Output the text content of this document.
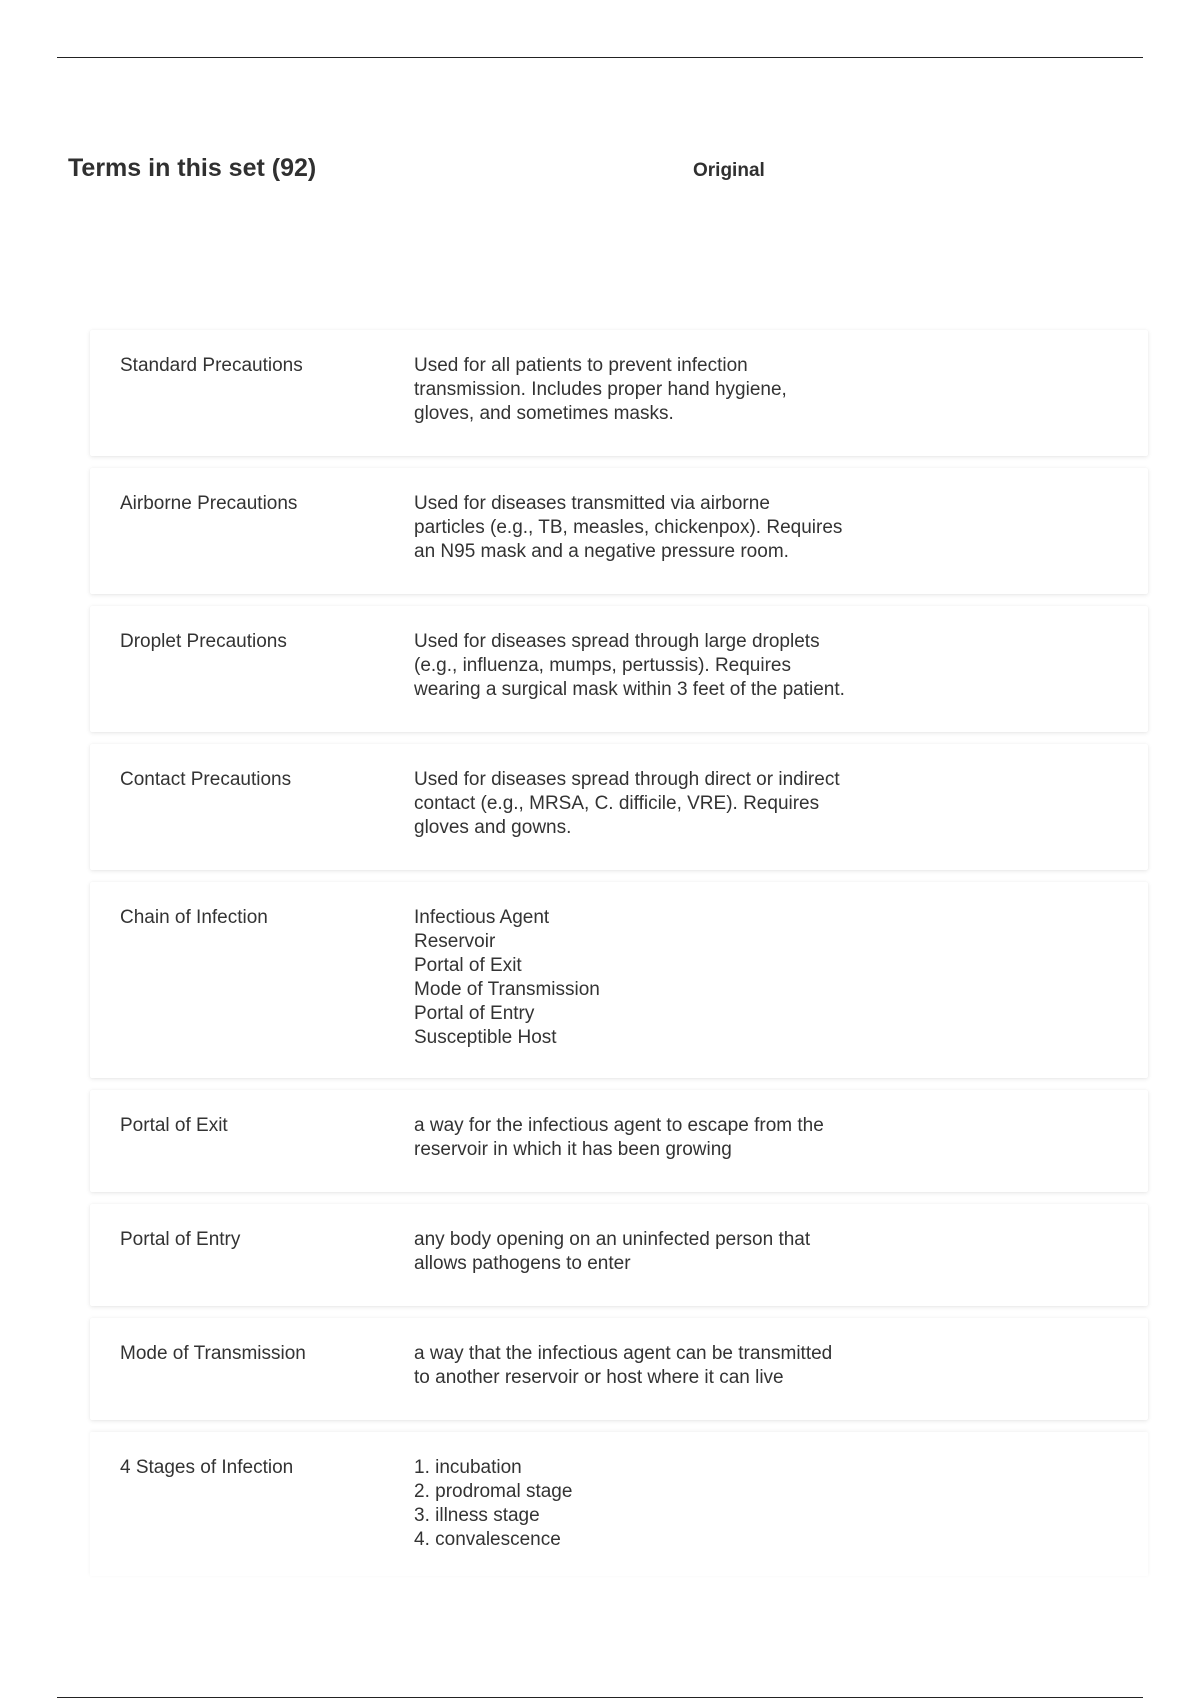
Terms in this set (92)	Original
Standard Precautions	Used for all patients to prevent infection
transmission. Includes proper hand hygiene,
gloves, and sometimes masks.
Airborne Precautions	Used for diseases transmitted via airborne
particles (e.g., TB, measles, chickenpox). Requires
an N95 mask and a negative pressure room.
Droplet Precautions	Used for diseases spread through large droplets
(e.g., influenza, mumps, pertussis). Requires
wearing a surgical mask within 3 feet of the patient.
Contact Precautions	Used for diseases spread through direct or indirect
contact (e.g., MRSA, C. difficile, VRE). Requires
gloves and gowns.
Chain of Infection	Infectious Agent
Reservoir
Portal of Exit
Mode of Transmission
Portal of Entry
Susceptible Host
Portal of Exit	a way for the infectious agent to escape from the
reservoir in which it has been growing
Portal of Entry	any body opening on an uninfected person that
allows pathogens to enter
Mode of Transmission	a way that the infectious agent can be transmitted
to another reservoir or host where it can live
4 Stages of Infection	1. incubation
2. prodromal stage
3. illness stage
4. convalescence
